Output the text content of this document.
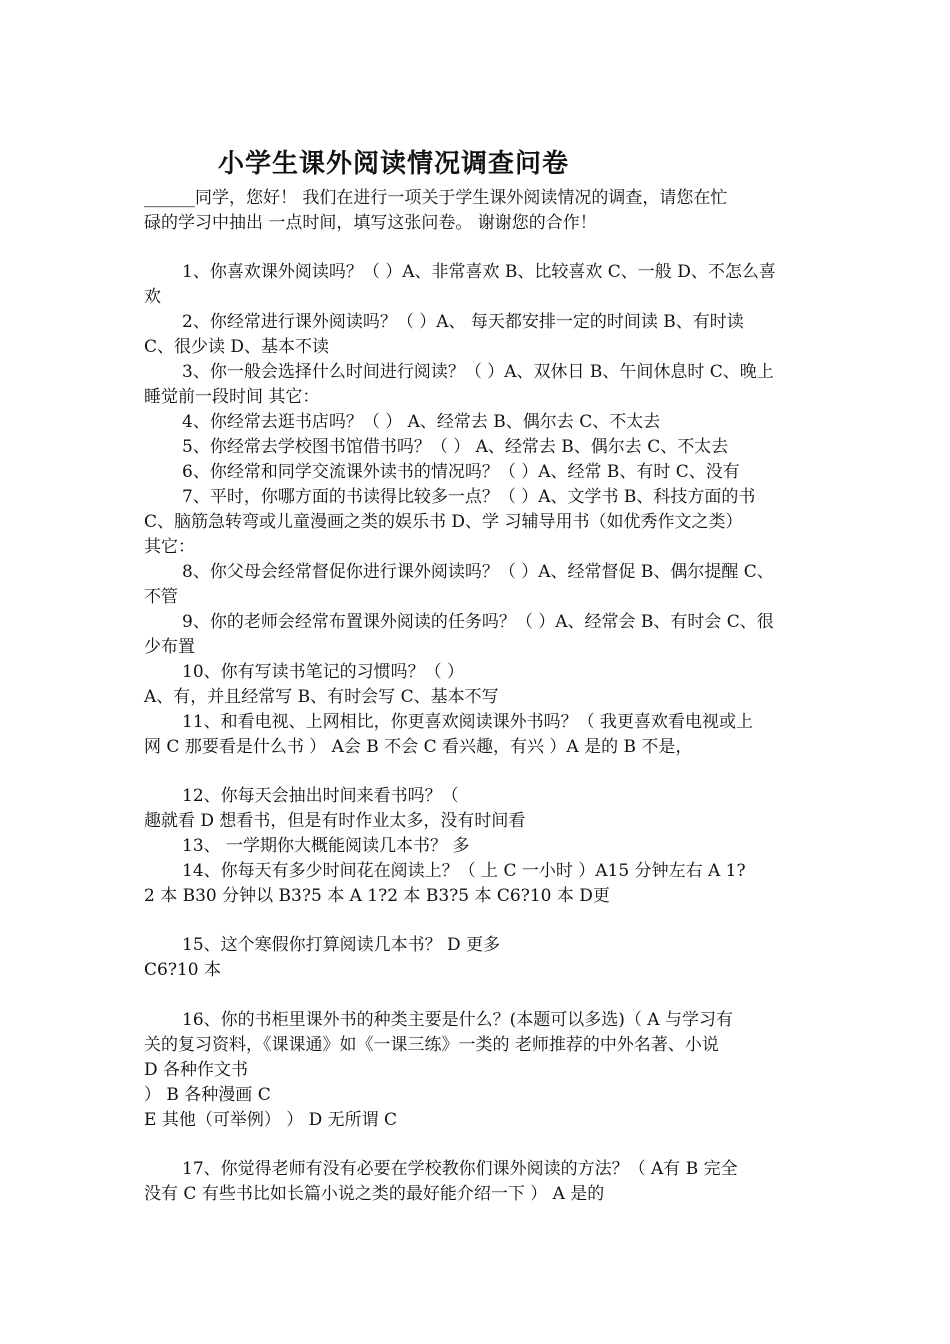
小学生课外阅读情况调查问卷
______同学，您好！ 我们在进行一项关于学生课外阅读情况的调查，请您在忙
碌的学习中抽出 一点时间，填写这张问卷。 谢谢您的合作！
1、你喜欢课外阅读吗？（ ）A、非常喜欢 B、比较喜欢 C、一般 D、不怎么喜
欢
2、你经常进行课外阅读吗？（ ）A、 每天都安排一定的时间读 B、有时读
C、很少读 D、基本不读
3、你一般会选择什么时间进行阅读？（ ）A、双休日 B、午间休息时 C、晚上
睡觉前一段时间 其它：
4、你经常去逛书店吗？（ ） A、经常去 B、偶尔去 C、不太去
5、你经常去学校图书馆借书吗？（ ） A、经常去 B、偶尔去 C、不太去
6、你经常和同学交流课外读书的情况吗？（ ）A、经常 B、有时 C、没有
7、平时，你哪方面的书读得比较多一点？（ ）A、文学书 B、科技方面的书
C、脑筋急转弯或儿童漫画之类的娱乐书 D、学 习辅导用书（如优秀作文之类）
其它：
8、你父母会经常督促你进行课外阅读吗？（ ）A、经常督促 B、偶尔提醒 C、
不管
9、你的老师会经常布置课外阅读的任务吗？（ ）A、经常会 B、有时会 C、很
少布置
10、你有写读书笔记的习惯吗？（ ）
A、有，并且经常写 B、有时会写 C、基本不写
11、和看电视、上网相比，你更喜欢阅读课外书吗？（ 我更喜欢看电视或上
网 C 那要看是什么书 ） A会 B 不会 C 看兴趣，有兴 ）A 是的 B 不是，
12、你每天会抽出时间来看书吗？（
趣就看 D 想看书，但是有时作业太多，没有时间看
13、 一学期你大概能阅读几本书？ 多
14、你每天有多少时间花在阅读上？（ 上 C 一小时 ）A15 分钟左右 A 1?
2 本 B30 分钟以 B3?5 本 A 1?2 本 B3?5 本 C6?10 本 D更
15、这个寒假你打算阅读几本书？ D 更多
C6?10 本
16、你的书柜里课外书的种类主要是什么？(本题可以多选)（ A 与学习有
关的复习资料，《课课通》如《一课三练》一类的 老师推荐的中外名著、小说
D 各种作文书
） B 各种漫画 C
E 其他（可举例） ） D 无所谓 C
17、你觉得老师有没有必要在学校教你们课外阅读的方法？（ A有 B 完全
没有 C 有些书比如长篇小说之类的最好能介绍一下 ） A 是的
